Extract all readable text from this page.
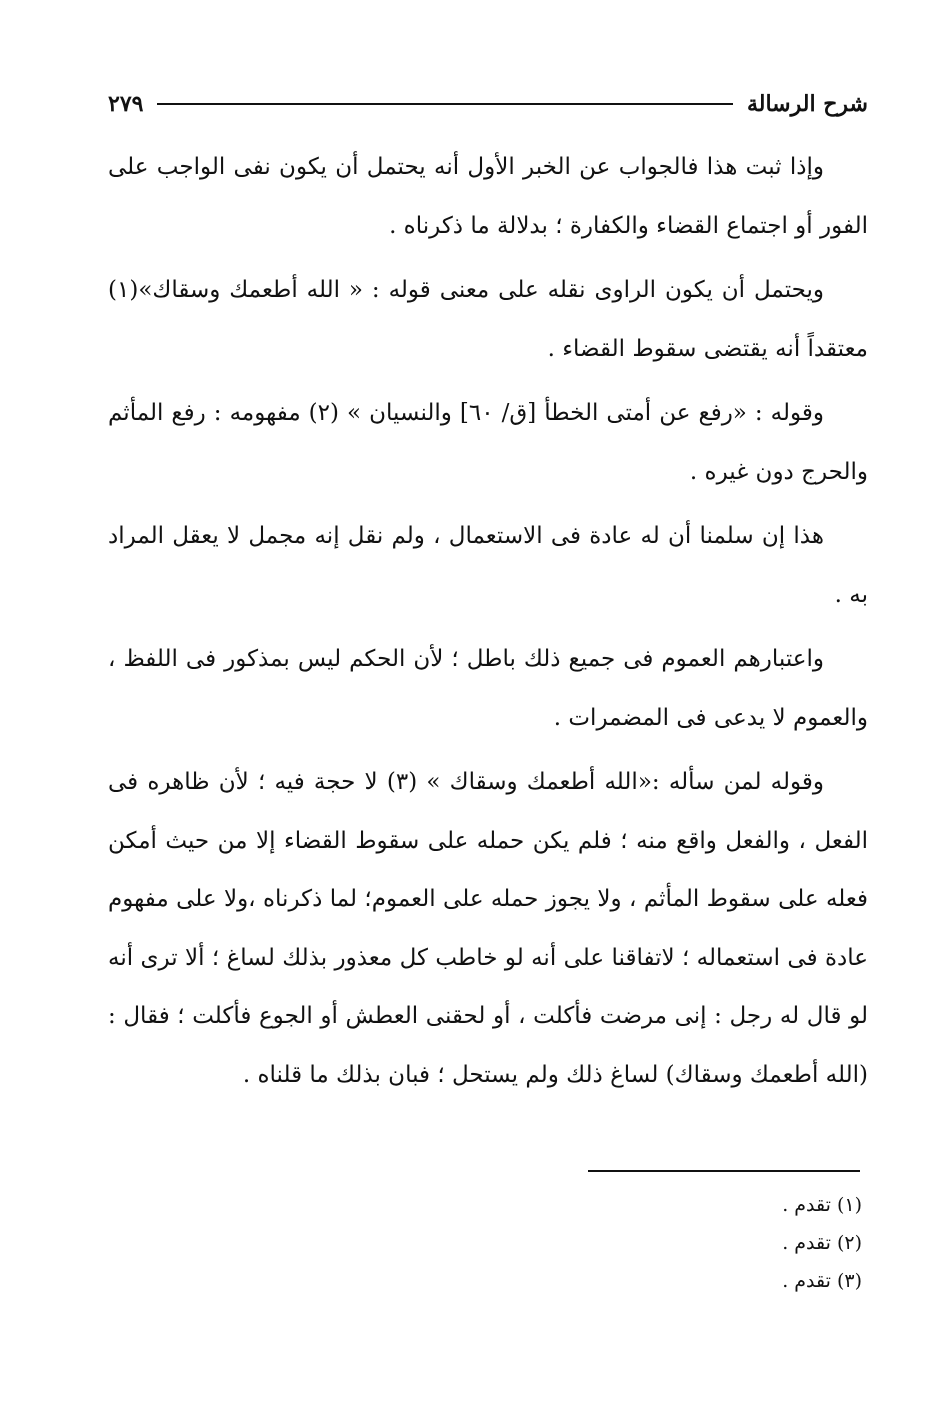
شرح الرسالة
٢٧٩

وإذا ثبت هذا فالجواب عن الخبر الأول أنه يحتمل أن يكون نفى الواجب على الفور أو اجتماع القضاء والكفارة ؛ بدلالة ما ذكرناه .

ويحتمل أن يكون الراوى نقله على معنى قوله : « الله أطعمك وسقاك»(١) معتقداً أنه يقتضى سقوط القضاء .

وقوله : «رفع عن أمتى الخطأ [ق/ ٦٠] والنسيان » (٢) مفهومه : رفع المأثم والحرج دون غيره .

هذا إن سلمنا أن له عادة فى الاستعمال ، ولم نقل إنه مجمل لا يعقل المراد به .

واعتبارهم العموم فى جميع ذلك باطل ؛ لأن الحكم ليس بمذكور فى اللفظ ، والعموم لا يدعى فى المضمرات .

وقوله لمن سأله :«الله أطعمك وسقاك » (٣) لا حجة فيه ؛ لأن ظاهره فى الفعل ، والفعل واقع منه ؛ فلم يكن حمله على سقوط القضاء إلا من حيث أمكن فعله على سقوط المأثم ، ولا يجوز حمله على العموم؛ لما ذكرناه ،ولا على مفهوم عادة فى استعماله ؛ لاتفاقنا على أنه لو خاطب كل معذور بذلك لساغ ؛ ألا ترى أنه لو قال له رجل : إنى مرضت فأكلت ، أو لحقنى العطش أو الجوع فأكلت ؛ فقال : (الله أطعمك وسقاك) لساغ ذلك ولم يستحل ؛ فبان بذلك ما قلناه .

(١) تقدم .
(٢) تقدم .
(٣) تقدم .
